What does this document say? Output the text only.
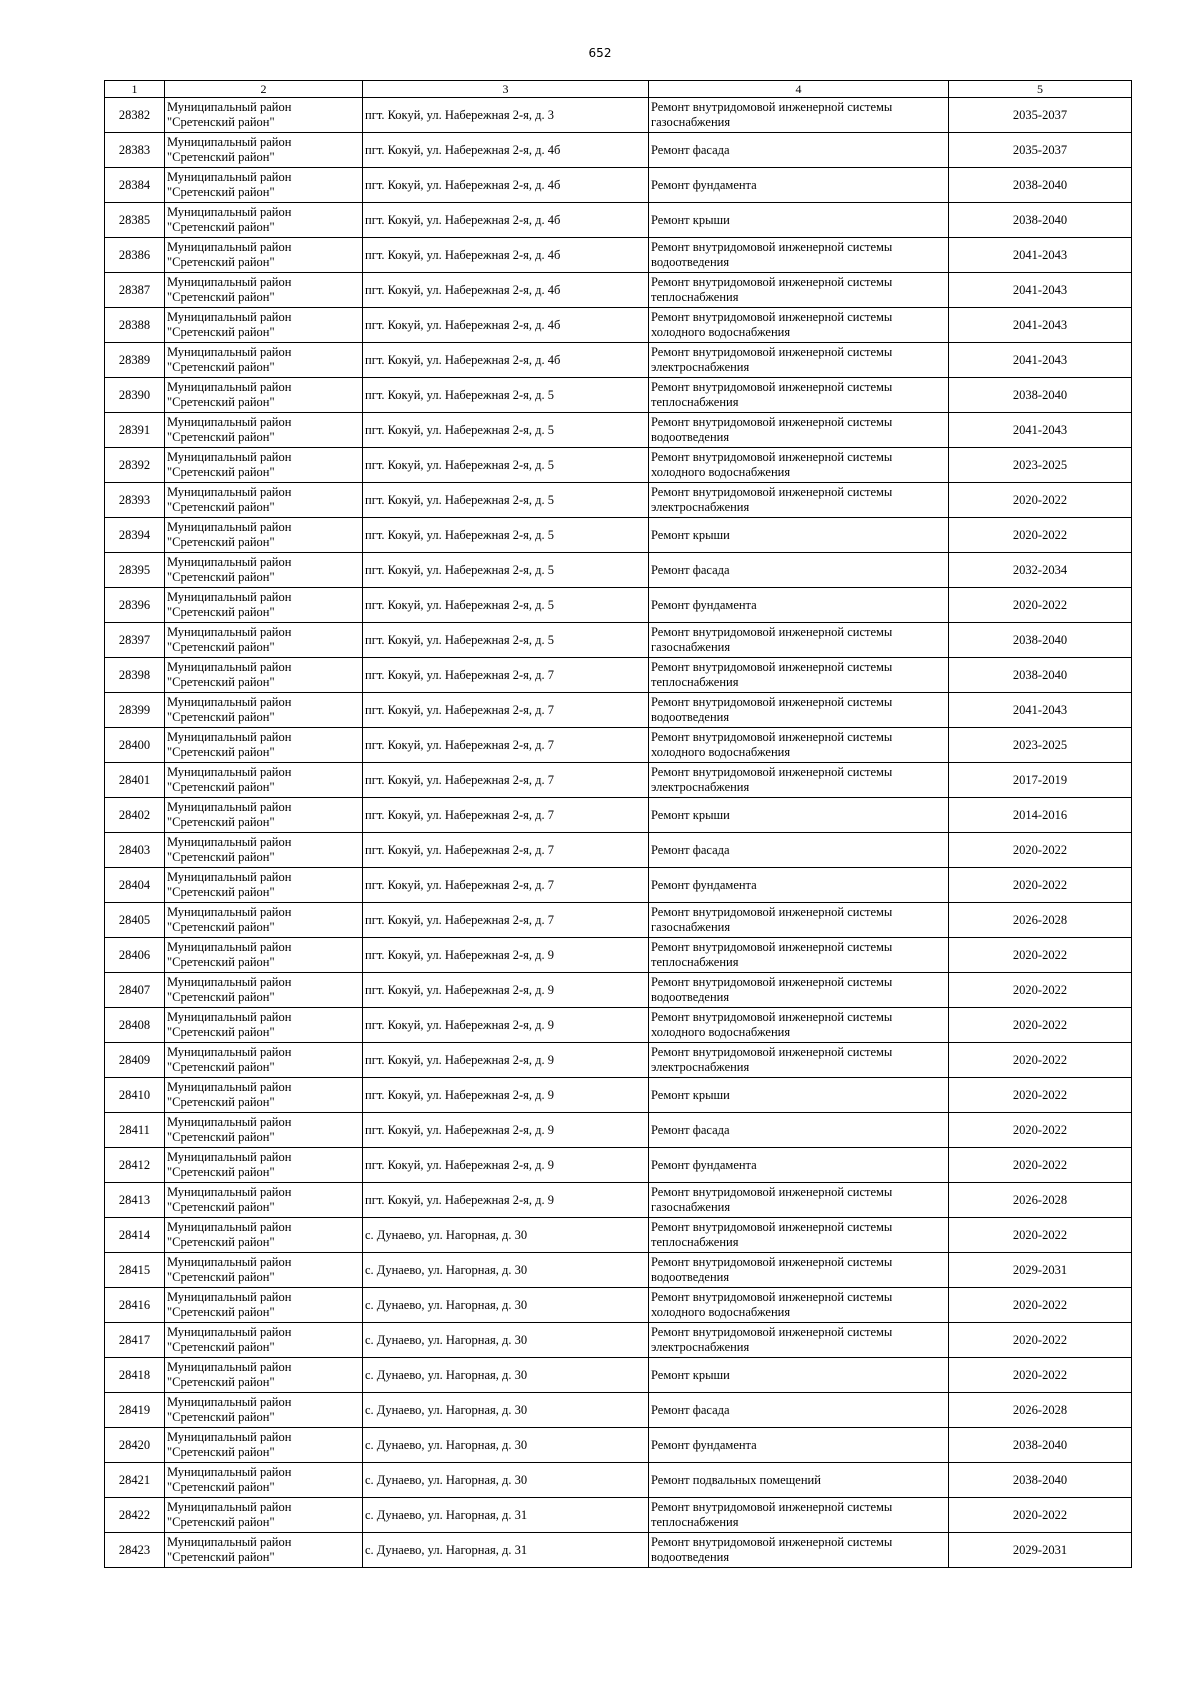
652
1	2	3	4	5
28382	Муниципальный район "Сретенский район"	пгт. Кокуй, ул. Набережная 2-я, д. 3	Ремонт внутридомовой инженерной системы газоснабжения	2035-2037
28383	Муниципальный район "Сретенский район"	пгт. Кокуй, ул. Набережная 2-я, д. 4б	Ремонт фасада	2035-2037
28384	Муниципальный район "Сретенский район"	пгт. Кокуй, ул. Набережная 2-я, д. 4б	Ремонт фундамента	2038-2040
28385	Муниципальный район "Сретенский район"	пгт. Кокуй, ул. Набережная 2-я, д. 4б	Ремонт крыши	2038-2040
28386	Муниципальный район "Сретенский район"	пгт. Кокуй, ул. Набережная 2-я, д. 4б	Ремонт внутридомовой инженерной системы водоотведения	2041-2043
28387	Муниципальный район "Сретенский район"	пгт. Кокуй, ул. Набережная 2-я, д. 4б	Ремонт внутридомовой инженерной системы теплоснабжения	2041-2043
28388	Муниципальный район "Сретенский район"	пгт. Кокуй, ул. Набережная 2-я, д. 4б	Ремонт внутридомовой инженерной системы холодного водоснабжения	2041-2043
28389	Муниципальный район "Сретенский район"	пгт. Кокуй, ул. Набережная 2-я, д. 4б	Ремонт внутридомовой инженерной системы электроснабжения	2041-2043
28390	Муниципальный район "Сретенский район"	пгт. Кокуй, ул. Набережная 2-я, д. 5	Ремонт внутридомовой инженерной системы теплоснабжения	2038-2040
28391	Муниципальный район "Сретенский район"	пгт. Кокуй, ул. Набережная 2-я, д. 5	Ремонт внутридомовой инженерной системы водоотведения	2041-2043
28392	Муниципальный район "Сретенский район"	пгт. Кокуй, ул. Набережная 2-я, д. 5	Ремонт внутридомовой инженерной системы холодного водоснабжения	2023-2025
28393	Муниципальный район "Сретенский район"	пгт. Кокуй, ул. Набережная 2-я, д. 5	Ремонт внутридомовой инженерной системы электроснабжения	2020-2022
28394	Муниципальный район "Сретенский район"	пгт. Кокуй, ул. Набережная 2-я, д. 5	Ремонт крыши	2020-2022
28395	Муниципальный район "Сретенский район"	пгт. Кокуй, ул. Набережная 2-я, д. 5	Ремонт фасада	2032-2034
28396	Муниципальный район "Сретенский район"	пгт. Кокуй, ул. Набережная 2-я, д. 5	Ремонт фундамента	2020-2022
28397	Муниципальный район "Сретенский район"	пгт. Кокуй, ул. Набережная 2-я, д. 5	Ремонт внутридомовой инженерной системы газоснабжения	2038-2040
28398	Муниципальный район "Сретенский район"	пгт. Кокуй, ул. Набережная 2-я, д. 7	Ремонт внутридомовой инженерной системы теплоснабжения	2038-2040
28399	Муниципальный район "Сретенский район"	пгт. Кокуй, ул. Набережная 2-я, д. 7	Ремонт внутридомовой инженерной системы водоотведения	2041-2043
28400	Муниципальный район "Сретенский район"	пгт. Кокуй, ул. Набережная 2-я, д. 7	Ремонт внутридомовой инженерной системы холодного водоснабжения	2023-2025
28401	Муниципальный район "Сретенский район"	пгт. Кокуй, ул. Набережная 2-я, д. 7	Ремонт внутридомовой инженерной системы электроснабжения	2017-2019
28402	Муниципальный район "Сретенский район"	пгт. Кокуй, ул. Набережная 2-я, д. 7	Ремонт крыши	2014-2016
28403	Муниципальный район "Сретенский район"	пгт. Кокуй, ул. Набережная 2-я, д. 7	Ремонт фасада	2020-2022
28404	Муниципальный район "Сретенский район"	пгт. Кокуй, ул. Набережная 2-я, д. 7	Ремонт фундамента	2020-2022
28405	Муниципальный район "Сретенский район"	пгт. Кокуй, ул. Набережная 2-я, д. 7	Ремонт внутридомовой инженерной системы газоснабжения	2026-2028
28406	Муниципальный район "Сретенский район"	пгт. Кокуй, ул. Набережная 2-я, д. 9	Ремонт внутридомовой инженерной системы теплоснабжения	2020-2022
28407	Муниципальный район "Сретенский район"	пгт. Кокуй, ул. Набережная 2-я, д. 9	Ремонт внутридомовой инженерной системы водоотведения	2020-2022
28408	Муниципальный район "Сретенский район"	пгт. Кокуй, ул. Набережная 2-я, д. 9	Ремонт внутридомовой инженерной системы холодного водоснабжения	2020-2022
28409	Муниципальный район "Сретенский район"	пгт. Кокуй, ул. Набережная 2-я, д. 9	Ремонт внутридомовой инженерной системы электроснабжения	2020-2022
28410	Муниципальный район "Сретенский район"	пгт. Кокуй, ул. Набережная 2-я, д. 9	Ремонт крыши	2020-2022
28411	Муниципальный район "Сретенский район"	пгт. Кокуй, ул. Набережная 2-я, д. 9	Ремонт фасада	2020-2022
28412	Муниципальный район "Сретенский район"	пгт. Кокуй, ул. Набережная 2-я, д. 9	Ремонт фундамента	2020-2022
28413	Муниципальный район "Сретенский район"	пгт. Кокуй, ул. Набережная 2-я, д. 9	Ремонт внутридомовой инженерной системы газоснабжения	2026-2028
28414	Муниципальный район "Сретенский район"	с. Дунаево, ул. Нагорная, д. 30	Ремонт внутридомовой инженерной системы теплоснабжения	2020-2022
28415	Муниципальный район "Сретенский район"	с. Дунаево, ул. Нагорная, д. 30	Ремонт внутридомовой инженерной системы водоотведения	2029-2031
28416	Муниципальный район "Сретенский район"	с. Дунаево, ул. Нагорная, д. 30	Ремонт внутридомовой инженерной системы холодного водоснабжения	2020-2022
28417	Муниципальный район "Сретенский район"	с. Дунаево, ул. Нагорная, д. 30	Ремонт внутридомовой инженерной системы электроснабжения	2020-2022
28418	Муниципальный район "Сретенский район"	с. Дунаево, ул. Нагорная, д. 30	Ремонт крыши	2020-2022
28419	Муниципальный район "Сретенский район"	с. Дунаево, ул. Нагорная, д. 30	Ремонт фасада	2026-2028
28420	Муниципальный район "Сретенский район"	с. Дунаево, ул. Нагорная, д. 30	Ремонт фундамента	2038-2040
28421	Муниципальный район "Сретенский район"	с. Дунаево, ул. Нагорная, д. 30	Ремонт подвальных помещений	2038-2040
28422	Муниципальный район "Сретенский район"	с. Дунаево, ул. Нагорная, д. 31	Ремонт внутридомовой инженерной системы теплоснабжения	2020-2022
28423	Муниципальный район "Сретенский район"	с. Дунаево, ул. Нагорная, д. 31	Ремонт внутридомовой инженерной системы водоотведения	2029-2031
